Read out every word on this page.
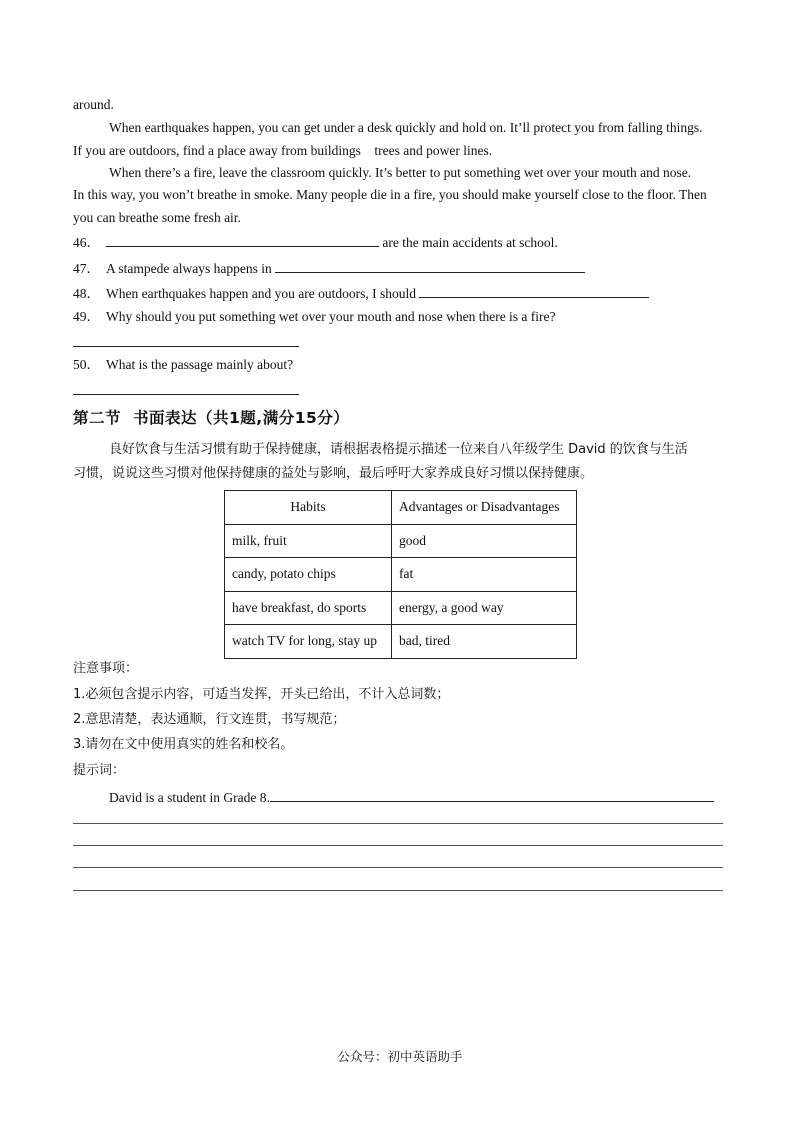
around.
When earthquakes happen, you can get under a desk quickly and hold on. It’ll protect you from falling things.
If you are outdoors, find a place away from buildings    trees and power lines.
When there’s a fire, leave the classroom quickly. It’s better to put something wet over your mouth and nose.
In this way, you won’t breathe in smoke. Many people die in a fire, you should make yourself close to the floor. Then
you can breathe some fresh air.
46．	are the main accidents at school.
47． A stampede always happens in
48． When earthquakes happen and you are outdoors, I should
49． Why should you put something wet over your mouth and nose when there is a fire?
50． What is the passage mainly about?
第二节 书面表达（共1题,满分15分）
良好饮食与生活习惯有助于保持健康，请根据表格提示描述一位来自八年级学生 David 的饮食与生活
习惯，说说这些习惯对他保持健康的益处与影响，最后呼吁大家养成良好习惯以保持健康。
Habits	Advantages or Disadvantages
milk, fruit	good
candy, potato chips	fat
have breakfast, do sports	energy, a good way
watch TV for long, stay up	bad, tired
注意事项：
1.必须包含提示内容，可适当发挥，开头已给出，不计入总词数；
2.意思清楚，表达通顺，行文连贯，书写规范；
3.请勿在文中使用真实的姓名和校名。
提示词：
David is a student in Grade 8.
公众号：初中英语助手
